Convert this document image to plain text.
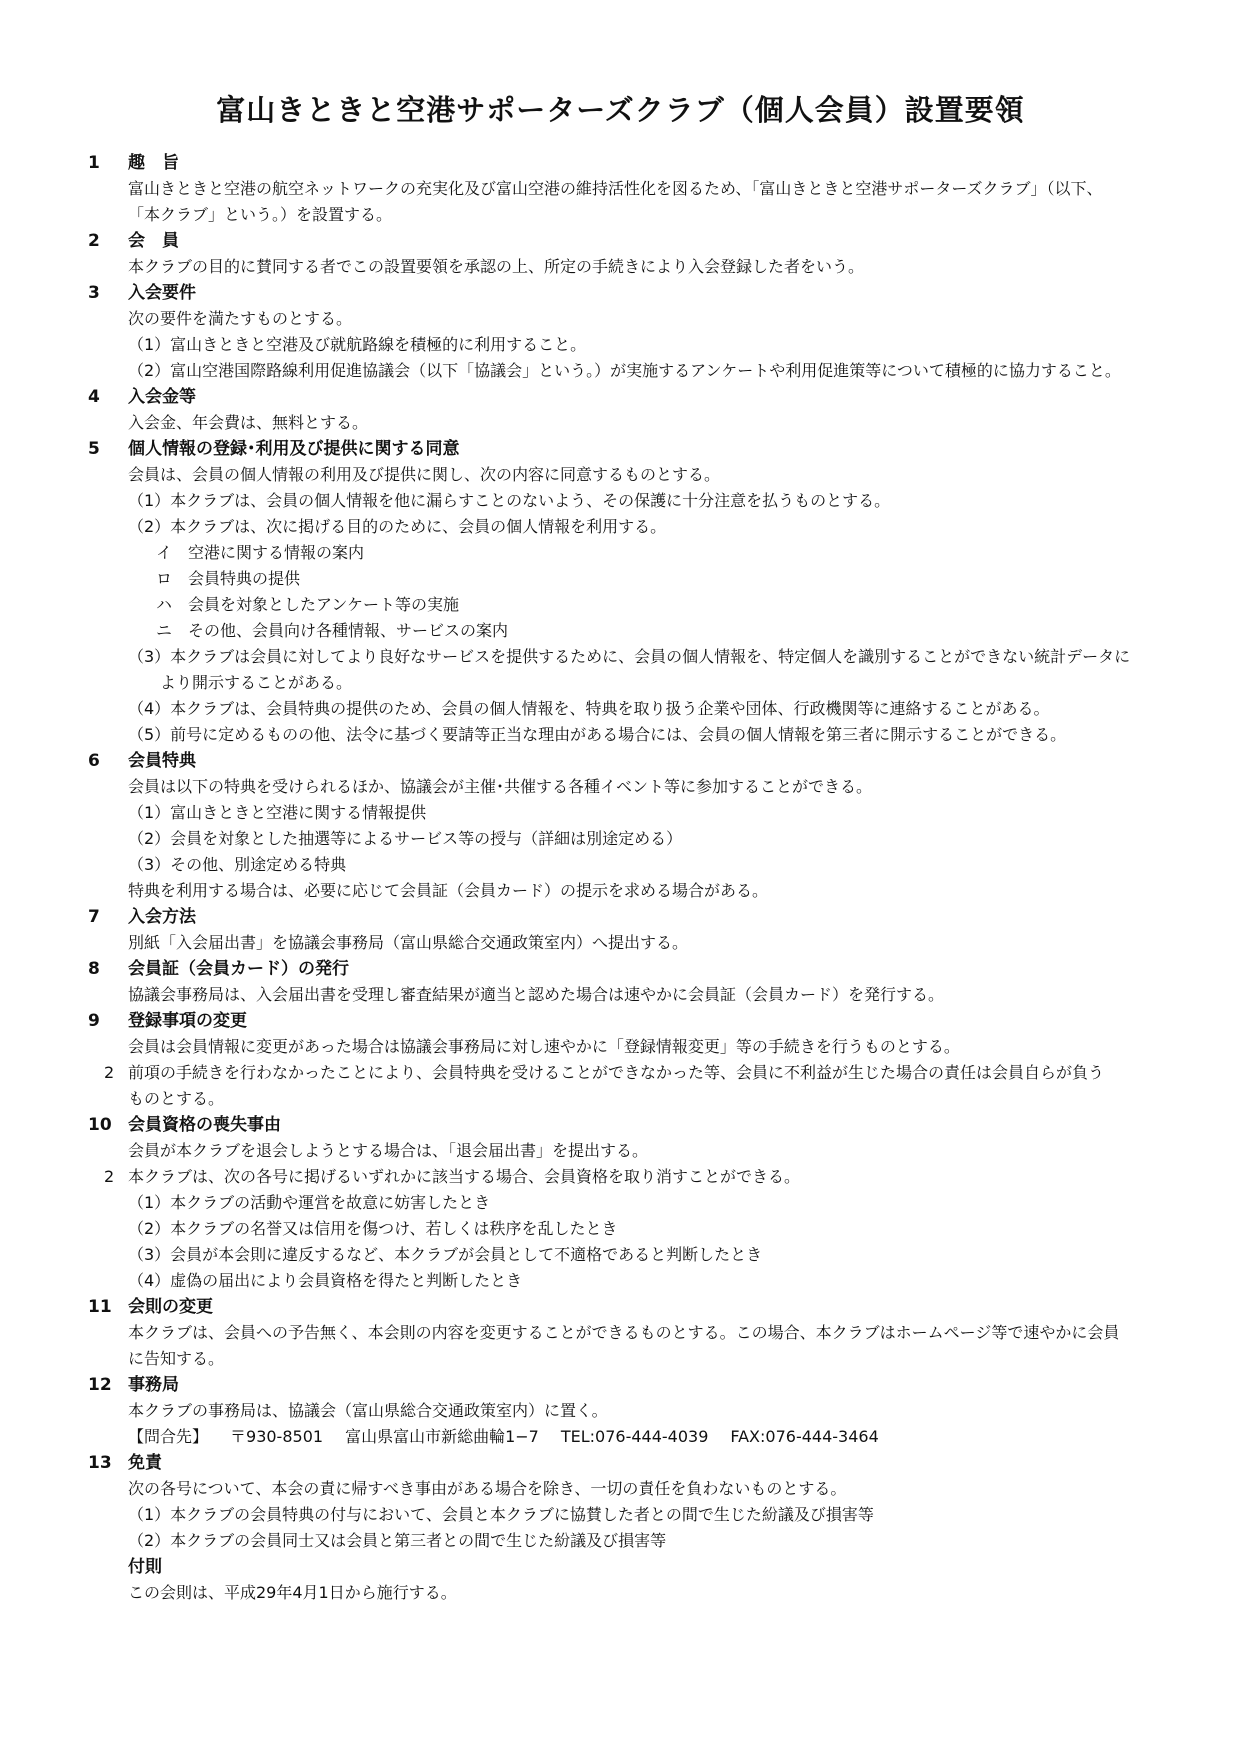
富山きときと空港サポーターズクラブ（個人会員）設置要領
1	趣　旨
富山きときと空港の航空ネットワークの充実化及び富山空港の維持活性化を図るため、「富山きときと空港サポーターズクラブ」（以下、
「本クラブ」という。）を設置する。
2	会　員
本クラブの目的に賛同する者でこの設置要領を承認の上、所定の手続きにより入会登録した者をいう。
3	入会要件
次の要件を満たすものとする。
（1）富山きときと空港及び就航路線を積極的に利用すること。
（2）富山空港国際路線利用促進協議会（以下「協議会」という。）が実施するアンケートや利用促進策等について積極的に協力すること。
4	入会金等
入会金、年会費は、無料とする。
5	個人情報の登録･利用及び提供に関する同意
会員は、会員の個人情報の利用及び提供に関し、次の内容に同意するものとする。
（1）本クラブは、会員の個人情報を他に漏らすことのないよう、その保護に十分注意を払うものとする。
（2）本クラブは、次に掲げる目的のために、会員の個人情報を利用する。
イ　空港に関する情報の案内
ロ　会員特典の提供
ハ　会員を対象としたアンケート等の実施
ニ　その他、会員向け各種情報、サービスの案内
（3）本クラブは会員に対してより良好なサービスを提供するために、会員の個人情報を、特定個人を識別することができない統計データに
　　より開示することがある。
（4）本クラブは、会員特典の提供のため、会員の個人情報を、特典を取り扱う企業や団体、行政機関等に連絡することがある。
（5）前号に定めるものの他、法令に基づく要請等正当な理由がある場合には、会員の個人情報を第三者に開示することができる。
6	会員特典
会員は以下の特典を受けられるほか、協議会が主催･共催する各種イベント等に参加することができる。
（1）富山きときと空港に関する情報提供
（2）会員を対象とした抽選等によるサービス等の授与（詳細は別途定める）
（3）その他、別途定める特典
特典を利用する場合は、必要に応じて会員証（会員カード）の提示を求める場合がある。
7	入会方法
別紙「入会届出書」を協議会事務局（富山県総合交通政策室内）へ提出する。
8	会員証（会員カード）の発行
協議会事務局は、入会届出書を受理し審査結果が適当と認めた場合は速やかに会員証（会員カード）を発行する。
9	登録事項の変更
会員は会員情報に変更があった場合は協議会事務局に対し速やかに「登録情報変更」等の手続きを行うものとする。
2 前項の手続きを行わなかったことにより、会員特典を受けることができなかった等、会員に不利益が生じた場合の責任は会員自らが負う
ものとする。
10 会員資格の喪失事由
会員が本クラブを退会しようとする場合は、「退会届出書」を提出する。
2 本クラブは、次の各号に掲げるいずれかに該当する場合、会員資格を取り消すことができる。
（1）本クラブの活動や運営を故意に妨害したとき
（2）本クラブの名誉又は信用を傷つけ、若しくは秩序を乱したとき
（3）会員が本会則に違反するなど、本クラブが会員として不適格であると判断したとき
（4）虚偽の届出により会員資格を得たと判断したとき
11 会則の変更
本クラブは、会員への予告無く、本会則の内容を変更することができるものとする。この場合、本クラブはホームページ等で速やかに会員
に告知する。
12 事務局
本クラブの事務局は、協議会（富山県総合交通政策室内）に置く。
【問合先】 〒930-8501 富山県富山市新総曲輪1−7 TEL:076-444-4039 FAX:076-444-3464
13 免責
次の各号について、本会の責に帰すべき事由がある場合を除き、一切の責任を負わないものとする。
（1）本クラブの会員特典の付与において、会員と本クラブに協賛した者との間で生じた紛議及び損害等
（2）本クラブの会員同士又は会員と第三者との間で生じた紛議及び損害等
付則
この会則は、平成29年4月1日から施行する。
